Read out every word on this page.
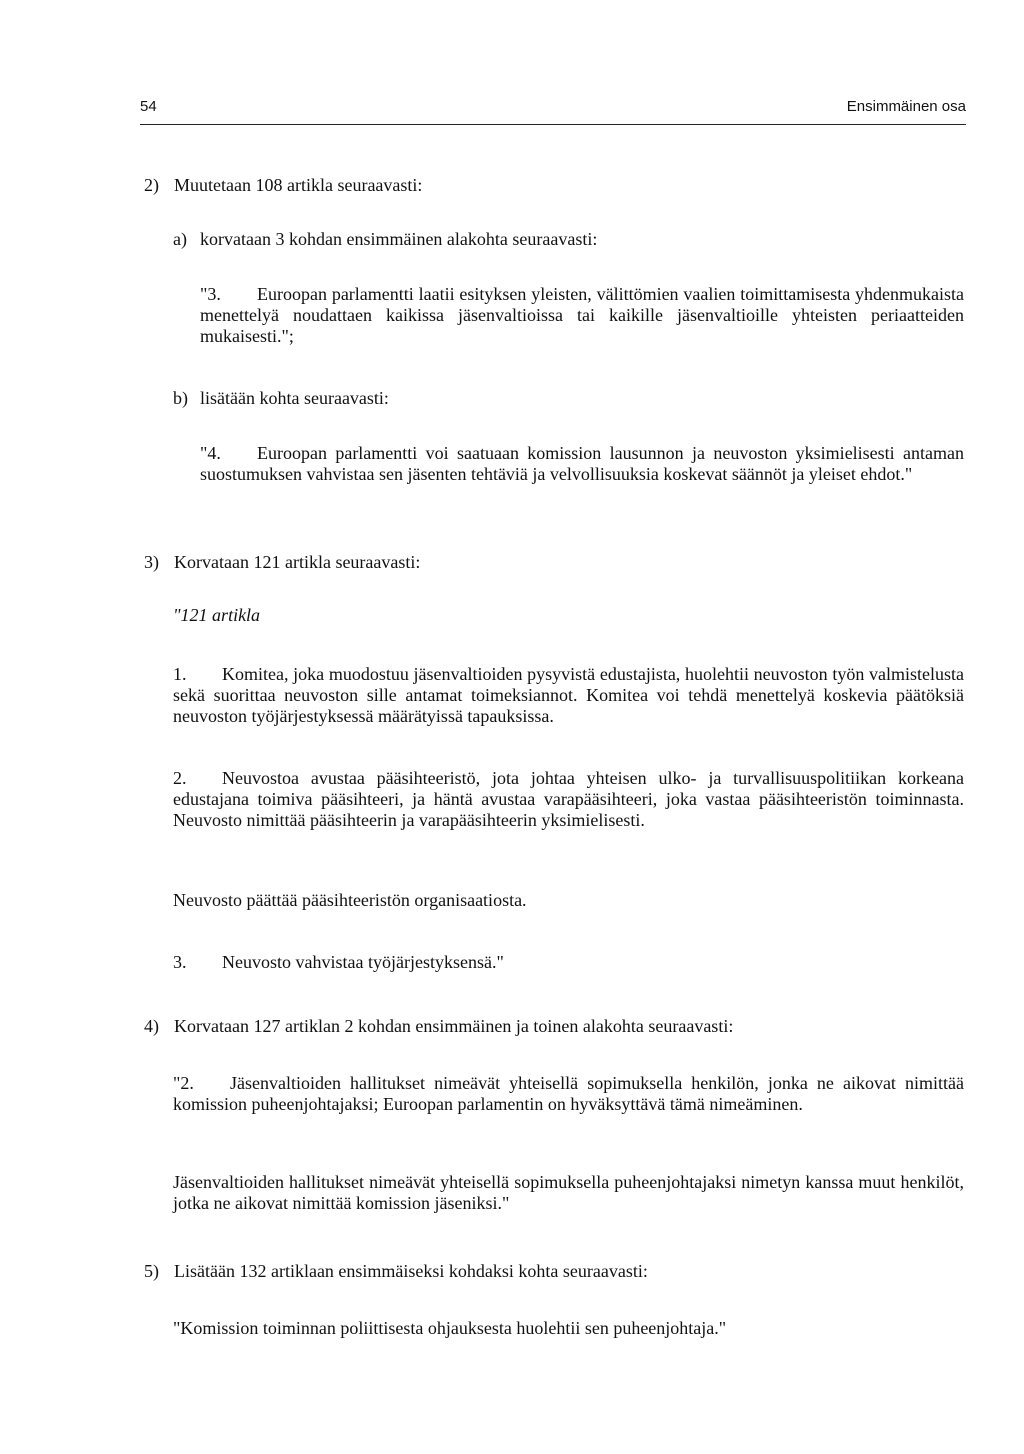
54	Ensimmäinen osa
2) Muutetaan 108 artikla seuraavasti:
a) korvataan 3 kohdan ensimmäinen alakohta seuraavasti:
"3.	Euroopan parlamentti laatii esityksen yleisten, välittömien vaalien toimittamisesta yhdenmukaista menettelyä noudattaen kaikissa jäsenvaltioissa tai kaikille jäsenvaltioille yhteisten periaatteiden mukaisesti.";
b) lisätään kohta seuraavasti:
"4.	Euroopan parlamentti voi saatuaan komission lausunnon ja neuvoston yksimielisesti antaman suostumuksen vahvistaa sen jäsenten tehtäviä ja velvollisuuksia koskevat säännöt ja yleiset ehdot."
3) Korvataan 121 artikla seuraavasti:
"121 artikla
1.	Komitea, joka muodostuu jäsenvaltioiden pysyvistä edustajista, huolehtii neuvoston työn valmistelusta sekä suorittaa neuvoston sille antamat toimeksiannot. Komitea voi tehdä menettelyä koskevia päätöksiä neuvoston työjärjestyksessä määrätyissä tapauksissa.
2.	Neuvostoa avustaa pääsihteeristö, jota johtaa yhteisen ulko- ja turvallisuuspolitiikan korkeana edustajana toimiva pääsihteeri, ja häntä avustaa varapääsihteeri, joka vastaa pääsihteeristön toiminnasta. Neuvosto nimittää pääsihteerin ja varapääsihteerin yksimielisesti.
Neuvosto päättää pääsihteeristön organisaatiosta.
3. Neuvosto vahvistaa työjärjestyksensä."
4) Korvataan 127 artiklan 2 kohdan ensimmäinen ja toinen alakohta seuraavasti:
"2.	Jäsenvaltioiden hallitukset nimeävät yhteisellä sopimuksella henkilön, jonka ne aikovat nimittää komission puheenjohtajaksi; Euroopan parlamentin on hyväksyttävä tämä nimeäminen.
Jäsenvaltioiden hallitukset nimeävät yhteisellä sopimuksella puheenjohtajaksi nimetyn kanssa muut henkilöt, jotka ne aikovat nimittää komission jäseniksi."
5) Lisätään 132 artiklaan ensimmäiseksi kohdaksi kohta seuraavasti:
"Komission toiminnan poliittisesta ohjauksesta huolehtii sen puheenjohtaja."
